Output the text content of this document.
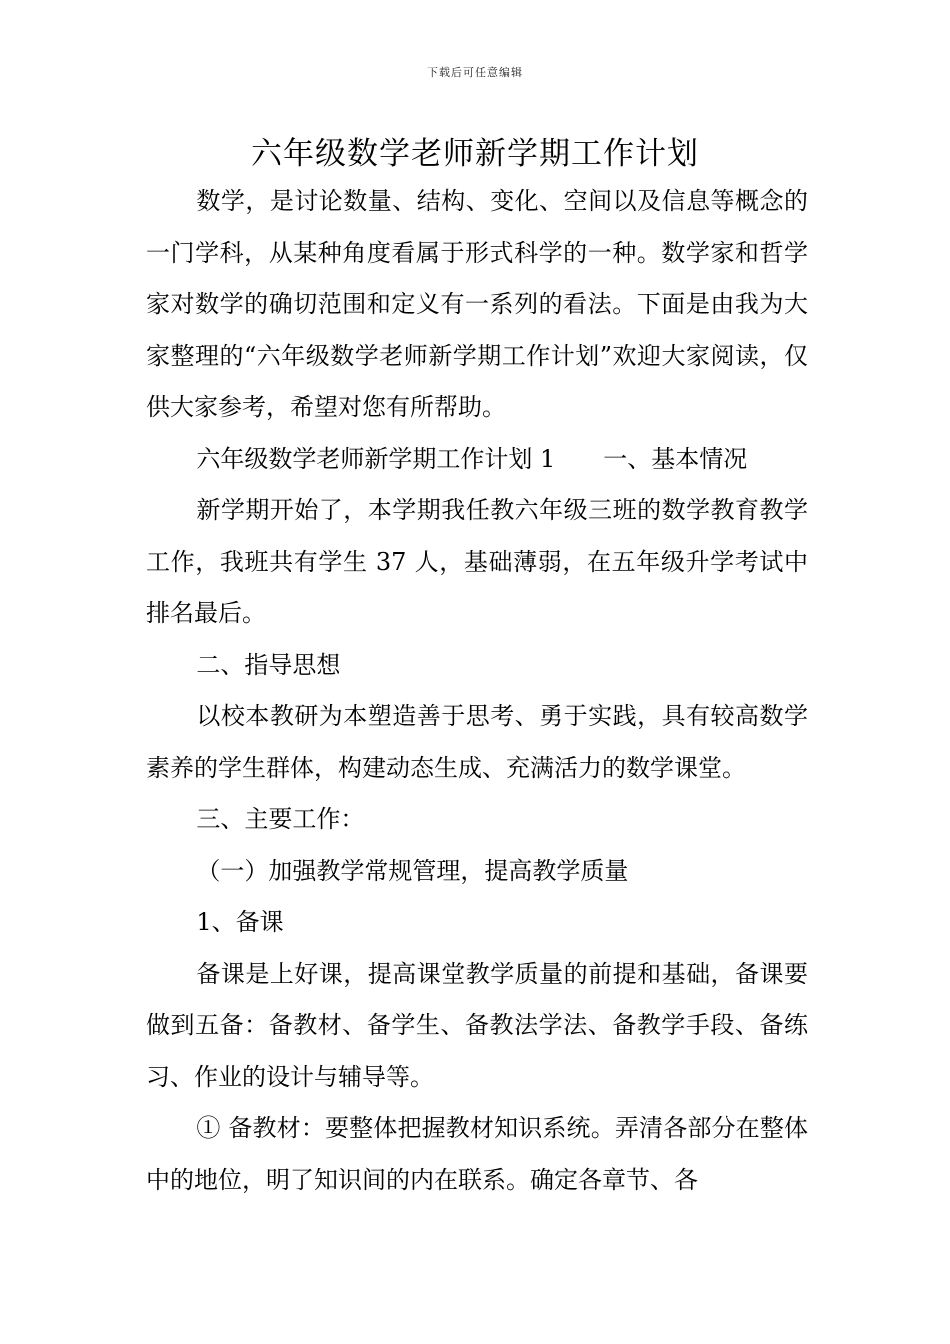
下载后可任意编辑
六年级数学老师新学期工作计划

数学，是讨论数量、结构、变化、空间以及信息等概念的一门学科，从某种角度看属于形式科学的一种。数学家和哲学家对数学的确切范围和定义有一系列的看法。下面是由我为大家整理的“六年级数学老师新学期工作计划”欢迎大家阅读，仅供大家参考，希望对您有所帮助。

六年级数学老师新学期工作计划 1 一、基本情况

新学期开始了，本学期我任教六年级三班的数学教育教学工作，我班共有学生 37 人，基础薄弱，在五年级升学考试中排名最后。

二、指导思想

以校本教研为本塑造善于思考、勇于实践，具有较高数学素养的学生群体，构建动态生成、充满活力的数学课堂。

三、主要工作：

（一）加强教学常规管理，提高教学质量

1、备课

备课是上好课，提高课堂教学质量的前提和基础，备课要做到五备：备教材、备学生、备教法学法、备教学手段、备练习、作业的设计与辅导等。

① 备教材：要整体把握教材知识系统。弄清各部分在整体中的地位，明了知识间的内在联系。确定各章节、各
